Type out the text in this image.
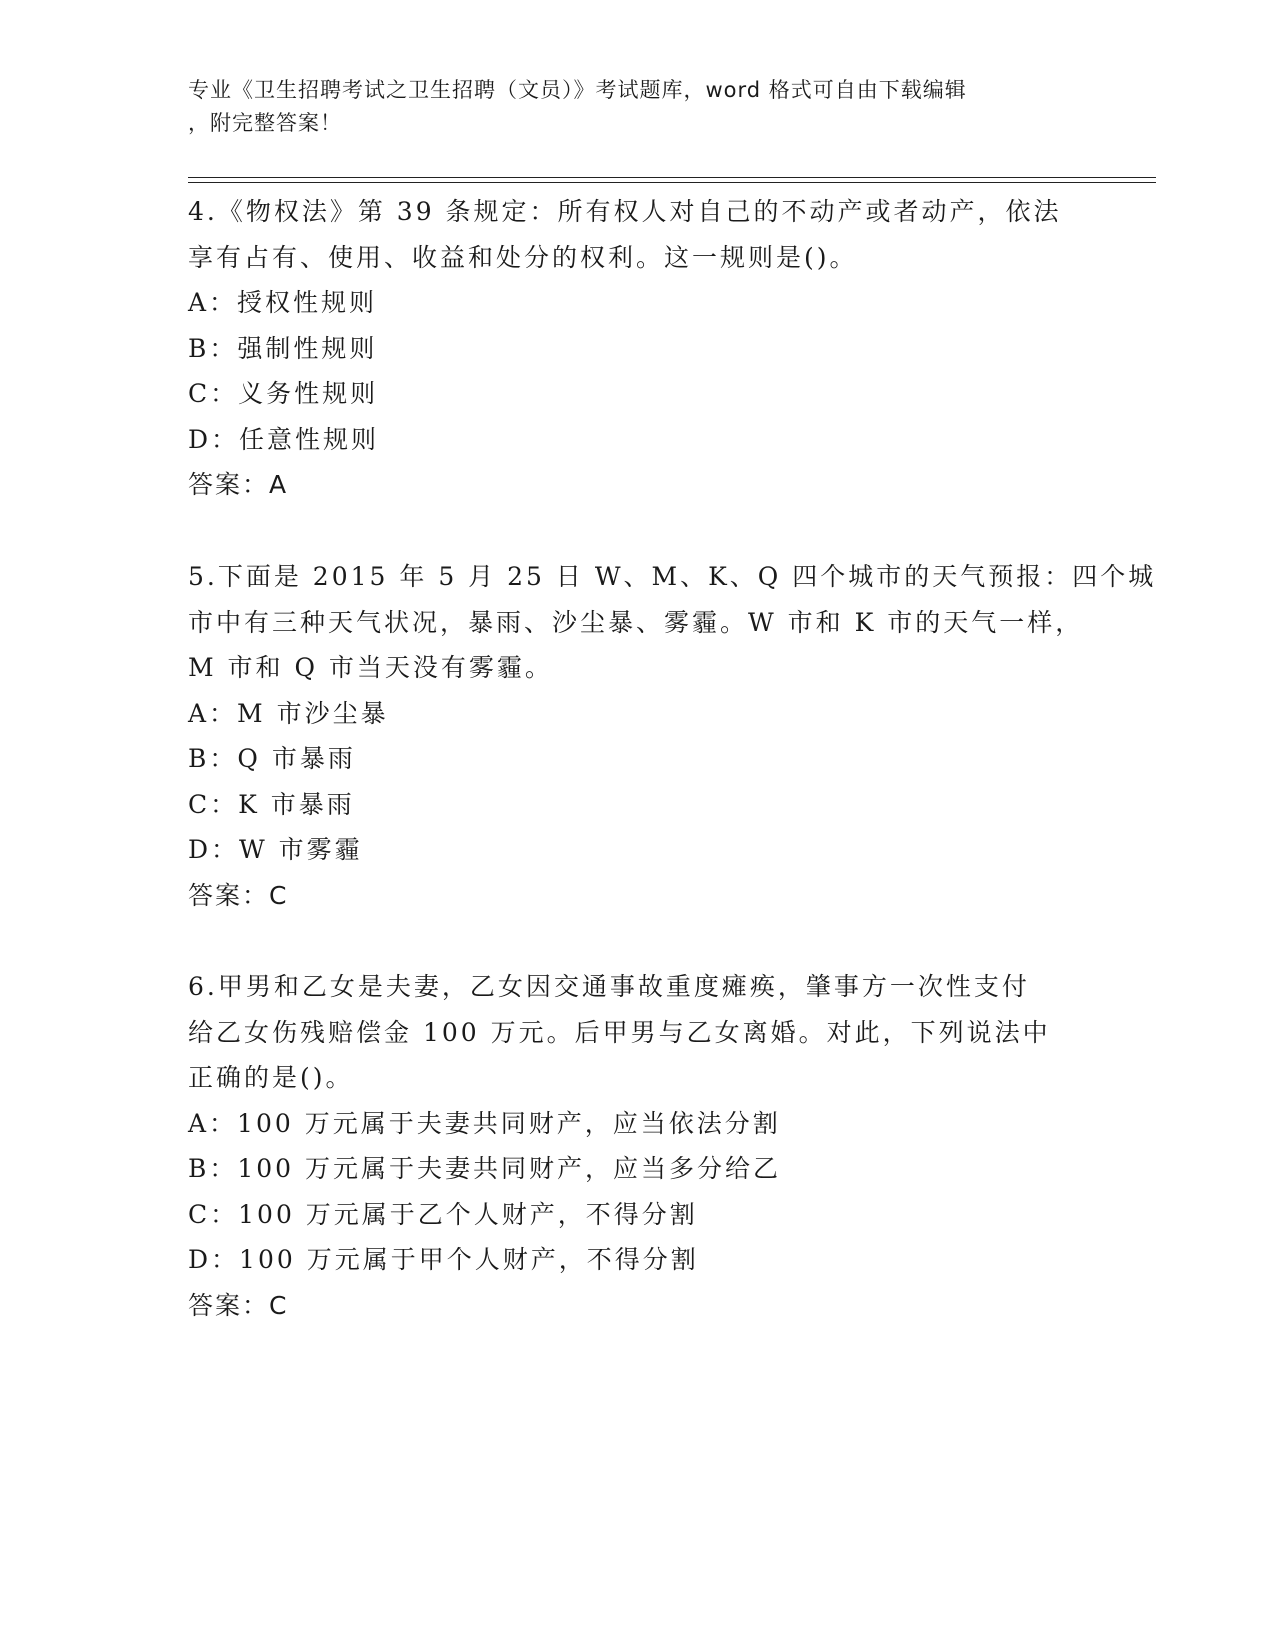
专业《卫生招聘考试之卫生招聘（文员）》考试题库，word 格式可自由下载编辑
，附完整答案！
4.《物权法》第 39 条规定：所有权人对自己的不动产或者动产，依法
享有占有、使用、收益和处分的权利。这一规则是()。
A：授权性规则
B：强制性规则
C：义务性规则
D：任意性规则
答案：A
5.下面是 2015 年 5 月 25 日 W、M、K、Q 四个城市的天气预报：四个城
市中有三种天气状况，暴雨、沙尘暴、雾霾。W 市和 K 市的天气一样，
M 市和 Q 市当天没有雾霾。
A：M 市沙尘暴
B：Q 市暴雨
C：K 市暴雨
D：W 市雾霾
答案：C
6.甲男和乙女是夫妻，乙女因交通事故重度瘫痪，肇事方一次性支付
给乙女伤残赔偿金 100 万元。后甲男与乙女离婚。对此，下列说法中
正确的是()。
A：100 万元属于夫妻共同财产，应当依法分割
B：100 万元属于夫妻共同财产，应当多分给乙
C：100 万元属于乙个人财产，不得分割
D：100 万元属于甲个人财产，不得分割
答案：C
